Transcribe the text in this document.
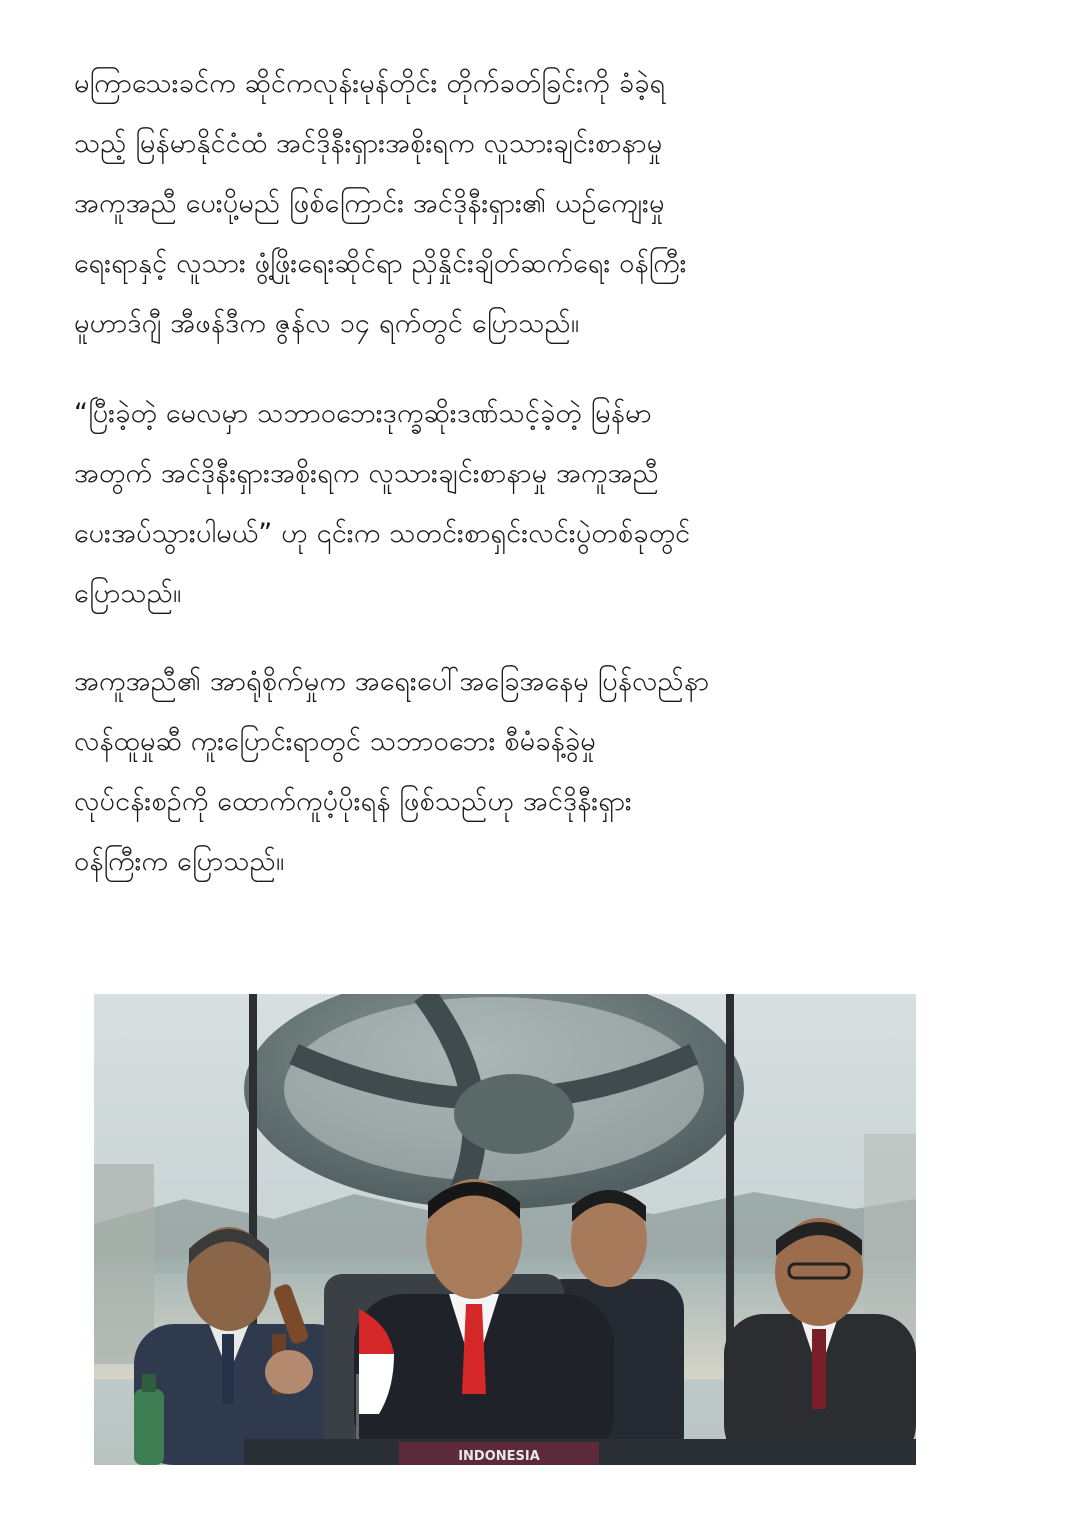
မကြာသေးခင်က ဆိုင်ကလုန်းမုန်တိုင်း တိုက်ခတ်ခြင်းကို ခံခဲ့ရ
သည့် မြန်မာနိုင်ငံထံ အင်ဒိုနီးရှားအစိုးရက လူသားချင်းစာနာမှု
အကူအညီ ပေးပို့မည် ဖြစ်ကြောင်း အင်ဒိုနီးရှား၏ ယဉ်ကျေးမှု
ရေးရာနှင့် လူသား ဖွံ့ဖြိုးရေးဆိုင်ရာ ညှိနှိုင်းချိတ်ဆက်ရေး ဝန်ကြီး
မူဟာဒ်ဂျီ အီဖန်ဒီက ဇွန်လ ၁၄ ရက်တွင် ပြောသည်။

“ပြီးခဲ့တဲ့ မေလမှာ သဘာဝဘေးဒုက္ခဆိုးဒဏ်သင့်ခဲ့တဲ့ မြန်မာ
အတွက် အင်ဒိုနီးရှားအစိုးရက လူသားချင်းစာနာမှု အကူအညီ
ပေးအပ်သွားပါမယ်” ဟု ၎င်းက သတင်းစာရှင်းလင်းပွဲတစ်ခုတွင်
ပြောသည်။

အကူအညီ၏ အာရုံစိုက်မှုက အရေးပေါ်အခြေအနေမှ ပြန်လည်နာ
လန်ထူမှုဆီ ကူးပြောင်းရာတွင် သဘာဝဘေး စီမံခန့်ခွဲမှု
လုပ်ငန်းစဉ်ကို ထောက်ကူပံ့ပိုးရန် ဖြစ်သည်ဟု အင်ဒိုနီးရှား
ဝန်ကြီးက ပြောသည်။

INDONESIA
